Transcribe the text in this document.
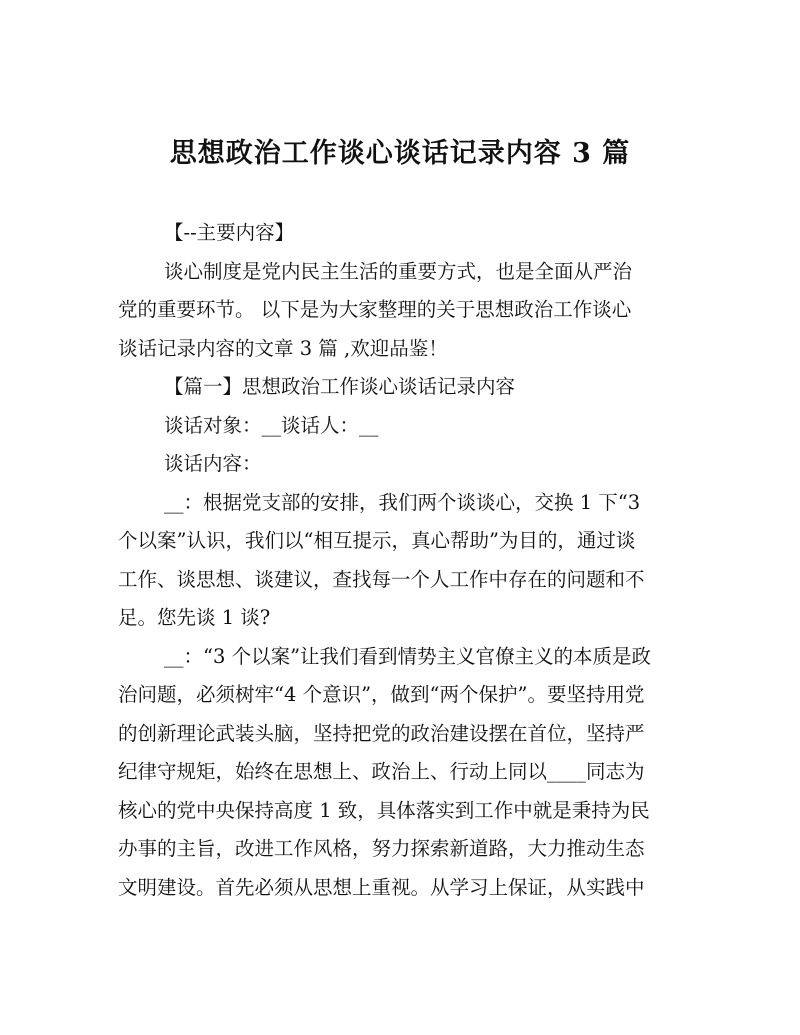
思想政治工作谈心谈话记录内容 3 篇
【--主要内容】
谈心制度是党内民主生活的重要方式，也是全面从严治
党的重要环节。 以下是为大家整理的关于思想政治工作谈心
谈话记录内容的文章 3 篇 ,欢迎品鉴！
【篇一】思想政治工作谈心谈话记录内容
谈话对象：__谈话人：__
谈话内容：
__：根据党支部的安排，我们两个谈谈心，交换 1 下“3
个以案”认识，我们以“相互提示，真心帮助”为目的，通过谈
工作、谈思想、谈建议，查找每一个人工作中存在的问题和不
足。您先谈 1 谈?
__：“3 个以案”让我们看到情势主义官僚主义的本质是政
治问题，必须树牢“4 个意识”，做到“两个保护”。要坚持用党
的创新理论武装头脑，坚持把党的政治建设摆在首位，坚持严
纪律守规矩，始终在思想上、政治上、行动上同以____同志为
核心的党中央保持高度 1 致，具体落实到工作中就是秉持为民
办事的主旨，改进工作风格，努力探索新道路，大力推动生态
文明建设。首先必须从思想上重视。从学习上保证，从实践中
